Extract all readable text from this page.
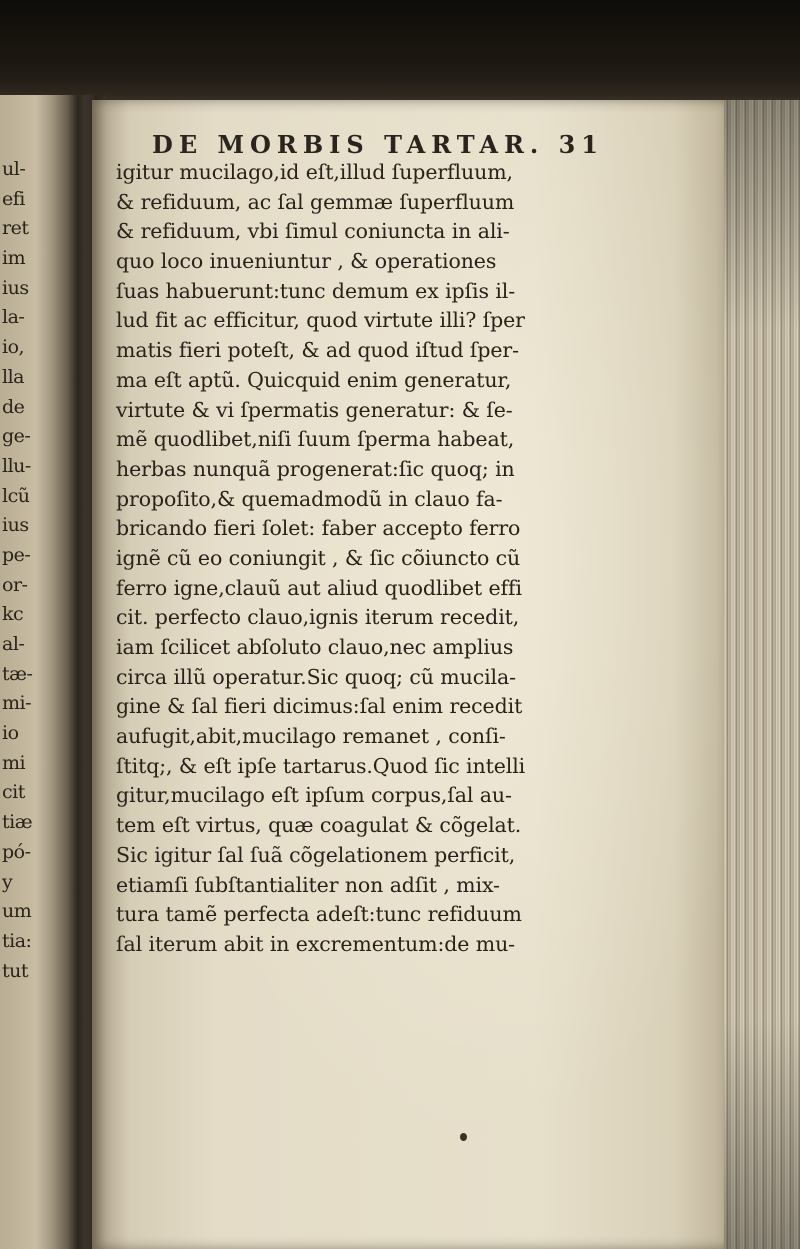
ul-
efi
ret
im
ius
la-
io,
lla
de
ge-
llu-
lcũ
ius
pe-
or-
kc
al-
tæ-
mi-
io
mi
cit
tiæ
pó-
y
um
tia:
tut

DE MORBIS TARTAR. 31

igitur mucilago,id eſt,illud ſuperfluum,
& refiduum, ac ſal gemmæ ſuperfluum
& refiduum, vbi ſimul coniuncta in ali-
quo loco inueniuntur , & operationes
ſuas habuerunt:tunc demum ex ipſis il-
lud fit ac efficitur, quod virtute illi? ſper
matis fieri poteſt, & ad quod iſtud ſper-
ma eſt aptũ. Quicquid enim generatur,
virtute & vi ſpermatis generatur: & ſe-
mẽ quodlibet,niſi ſuum ſperma habeat,
herbas nunquã progenerat:ſic quoq; in
propoſito,& quemadmodũ in clauo fa-
bricando fieri ſolet: faber accepto ferro
ignẽ cũ eo coniungit , & ſic cõiuncto cũ
ferro igne,clauũ aut aliud quodlibet effi
cit. perfecto clauo,ignis iterum recedit,
iam ſcilicet abſoluto clauo,nec amplius
circa illũ operatur.Sic quoq; cũ mucila-
gine & ſal fieri dicimus:ſal enim recedit
aufugit,abit,mucilago remanet , conſi-
ſtitq;, & eſt ipſe tartarus.Quod ſic intelli
gitur,mucilago eſt ipſum corpus,ſal au-
tem eſt virtus, quæ coagulat & cõgelat.
Sic igitur ſal ſuã cõgelationem perficit,
etiamſi ſubſtantialiter non adſit , mix-
tura tamẽ perfecta adeſt:tunc refiduum
ſal iterum abit in excrementum:de mu-
